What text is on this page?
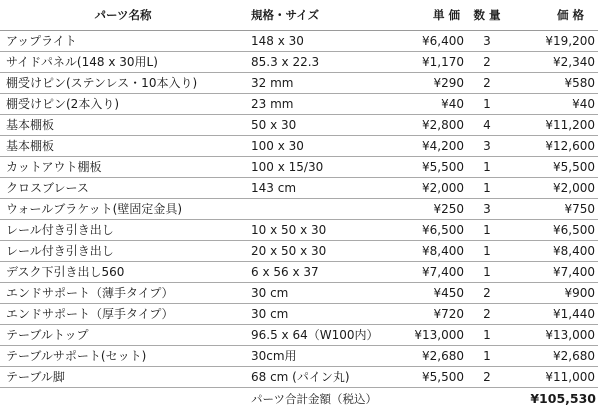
パーツ名称	規格・サイズ	単 価	数 量	価 格
アップライト	148 x 30	¥6,400	3	¥19,200
サイドパネル(148 x 30用L)	85.3 x 22.3	¥1,170	2	¥2,340
棚受けピン(ステンレス・10本入り)	32 mm	¥290	2	¥580
棚受けピン(2本入り)	23 mm	¥40	1	¥40
基本棚板	50 x 30	¥2,800	4	¥11,200
基本棚板	100 x 30	¥4,200	3	¥12,600
カットアウト棚板	100 x 15/30	¥5,500	1	¥5,500
クロスブレース	143 cm	¥2,000	1	¥2,000
ウォールブラケット(壁固定金具)		¥250	3	¥750
レール付き引き出し	10 x 50 x 30	¥6,500	1	¥6,500
レール付き引き出し	20 x 50 x 30	¥8,400	1	¥8,400
デスク下引き出し560	6 x 56 x 37	¥7,400	1	¥7,400
エンドサポート（薄手タイプ）	30 cm	¥450	2	¥900
エンドサポート（厚手タイプ）	30 cm	¥720	2	¥1,440
テーブルトップ	96.5 x 64（W100内）	¥13,000	1	¥13,000
テーブルサポート(セット)	30cm用	¥2,680	1	¥2,680
テーブル脚	68 cm (パイン丸)	¥5,500	2	¥11,000
	パーツ合計金額（税込）			¥105,530
